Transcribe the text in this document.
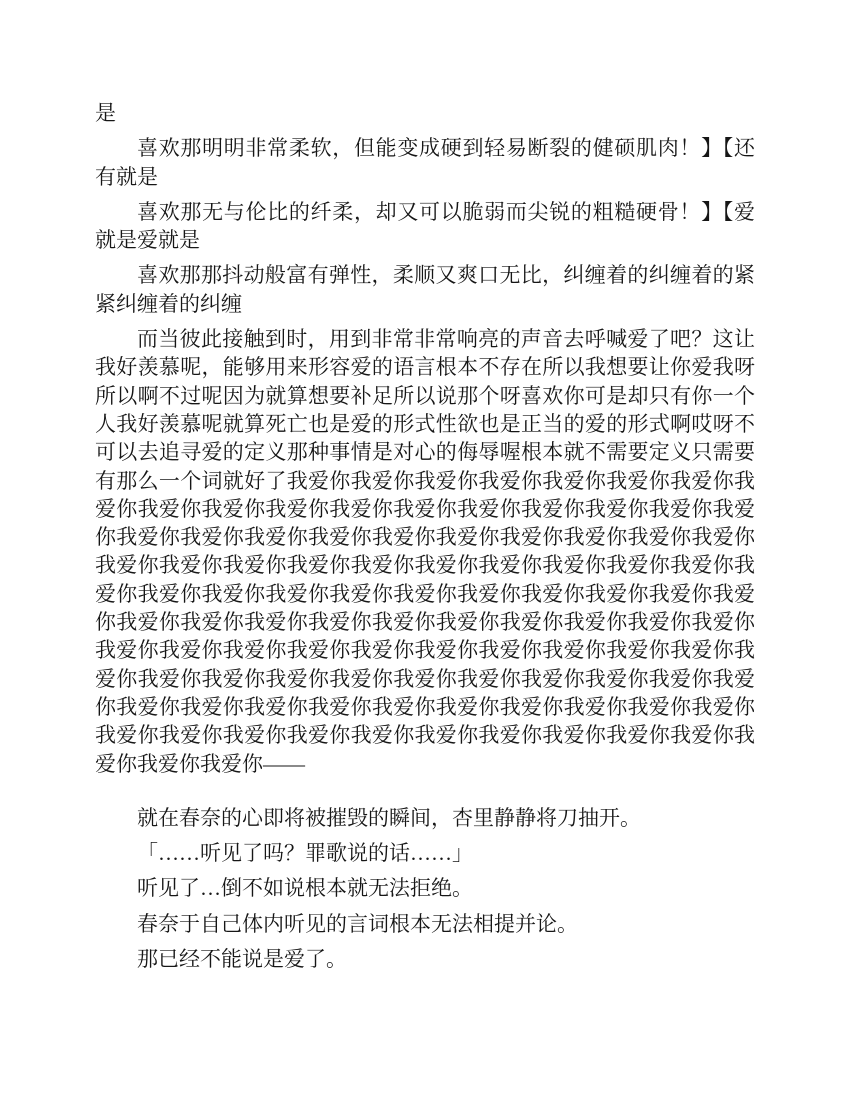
是

喜欢那明明非常柔软，但能变成硬到轻易断裂的健硕肌肉！】【还有就是

喜欢那无与伦比的纤柔，却又可以脆弱而尖锐的粗糙硬骨！】【爱就是爱就是

喜欢那那抖动般富有弹性，柔顺又爽口无比，纠缠着的纠缠着的紧紧纠缠着的纠缠

而当彼此接触到时，用到非常非常响亮的声音去呼喊爱了吧？这让我好羡慕呢，能够用来形容爱的语言根本不存在所以我想要让你爱我呀所以啊不过呢因为就算想要补足所以说那个呀喜欢你可是却只有你一个人我好羡慕呢就算死亡也是爱的形式性欲也是正当的爱的形式啊哎呀不可以去追寻爱的定义那种事情是对心的侮辱喔根本就不需要定义只需要有那么一个词就好了我爱你我爱你我爱你我爱你我爱你我爱你我爱你我爱你我爱你我爱你我爱你我爱你我爱你我爱你我爱你我爱你我爱你我爱你我爱你我爱你我爱你我爱你我爱你我爱你我爱你我爱你我爱你我爱你我爱你我爱你我爱你我爱你我爱你我爱你我爱你我爱你我爱你我爱你我爱你我爱你我爱你我爱你我爱你我爱你我爱你我爱你我爱你我爱你我爱你我爱你我爱你我爱你我爱你我爱你我爱你我爱你我爱你我爱你我爱你我爱你我爱你我爱你我爱你我爱你我爱你我爱你我爱你我爱你我爱你我爱你我爱你我爱你我爱你我爱你我爱你我爱你我爱你我爱你我爱你我爱你我爱你我爱你我爱你我爱你我爱你我爱你我爱你我爱你我爱你我爱你我爱你我爱你我爱你我爱你我爱你我爱你我爱你我爱你我爱你我爱你我爱你我爱你我爱你——

就在春奈的心即将被摧毁的瞬间，杏里静静将刀抽开。

「……听见了吗？罪歌说的话……」

听见了…倒不如说根本就无法拒绝。

春奈于自己体内听见的言词根本无法相提并论。

那已经不能说是爱了。
